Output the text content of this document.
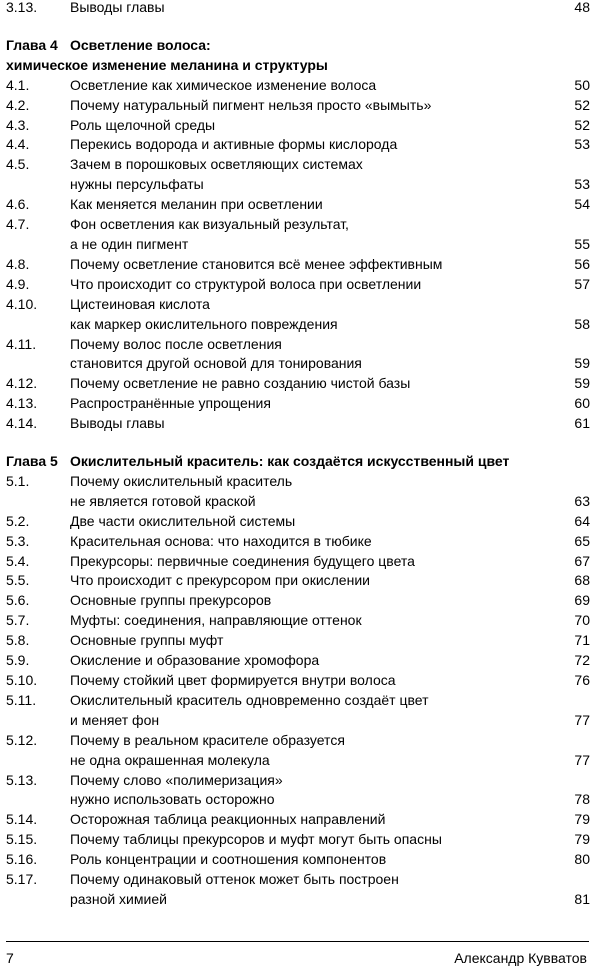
3.13.	Выводы главы	48
Глава 4 Осветление волоса:
химическое изменение меланина и структуры
4.1.	Осветление как химическое изменение волоса	50
4.2.	Почему натуральный пигмент нельзя просто «вымыть»	52
4.3.	Роль щелочной среды	52
4.4.	Перекись водорода и активные формы кислорода	53
4.5.	Зачем в порошковых осветляющих системах
нужны персульфаты	53
4.6.	Как меняется меланин при осветлении	54
4.7.	Фон осветления как визуальный результат,
а не один пигмент	55
4.8.	Почему осветление становится всё менее эффективным	56
4.9.	Что происходит со структурой волоса при осветлении	57
4.10.	Цистеиновая кислота
как маркер окислительного повреждения	58
4.11.	Почему волос после осветления
становится другой основой для тонирования	59
4.12.	Почему осветление не равно созданию чистой базы	59
4.13.	Распространённые упрощения	60
4.14.	Выводы главы	61
Глава 5 Окислительный краситель: как создаётся искусственный цвет
5.1.	Почему окислительный краситель
не является готовой краской	63
5.2.	Две части окислительной системы	64
5.3.	Красительная основа: что находится в тюбике	65
5.4.	Прекурсоры: первичные соединения будущего цвета	67
5.5.	Что происходит с прекурсором при окислении	68
5.6.	Основные группы прекурсоров	69
5.7.	Муфты: соединения, направляющие оттенок	70
5.8.	Основные группы муфт	71
5.9.	Окисление и образование хромофора	72
5.10.	Почему стойкий цвет формируется внутри волоса	76
5.11.	Окислительный краситель одновременно создаёт цвет
и меняет фон	77
5.12.	Почему в реальном красителе образуется
не одна окрашенная молекула	77
5.13.	Почему слово «полимеризация»
нужно использовать осторожно	78
5.14.	Осторожная таблица реакционных направлений	79
5.15.	Почему таблицы прекурсоров и муфт могут быть опасны	79
5.16.	Роль концентрации и соотношения компонентов	80
5.17.	Почему одинаковый оттенок может быть построен
разной химией	81
7	Александр Кувватов
